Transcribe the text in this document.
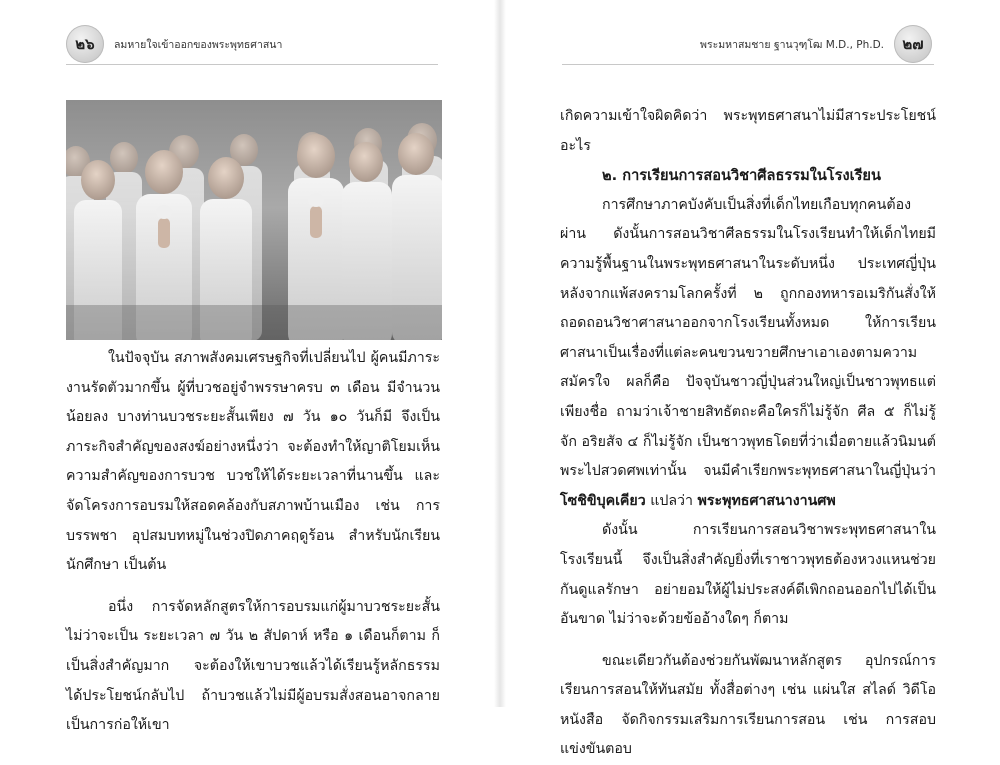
๒๖	ลมหายใจเข้าออกของพระพุทธศาสนา

ในปัจจุบัน สภาพสังคมเศรษฐกิจที่เปลี่ยนไป ผู้คนมีภาระงานรัดตัวมากขึ้น ผู้ที่บวชอยู่จำพรรษาครบ ๓ เดือน มีจำนวนน้อยลง บางท่านบวชระยะสั้นเพียง ๗ วัน ๑๐ วันก็มี จึงเป็นภาระกิจสำคัญของสงฆ์อย่างหนึ่งว่า จะต้องทำให้ญาติโยมเห็นความสำคัญของการบวช บวชให้ได้ระยะเวลาที่นานขึ้น และจัดโครงการอบรมให้สอดคล้องกับสภาพบ้านเมือง เช่น การบรรพชา อุปสมบทหมู่ในช่วงปิดภาคฤดูร้อน สำหรับนักเรียน นักศึกษา เป็นต้น

อนึ่ง การจัดหลักสูตรให้การอบรมแก่ผู้มาบวชระยะสั้น ไม่ว่าจะเป็น ระยะเวลา ๗ วัน ๒ สัปดาห์ หรือ ๑ เดือนก็ตาม ก็เป็นสิ่งสำคัญมาก จะต้องให้เขาบวชแล้วได้เรียนรู้หลักธรรม ได้ประโยชน์กลับไป ถ้าบวชแล้วไม่มีผู้อบรมสั่งสอนอาจกลายเป็นการก่อให้เขา

พระมหาสมชาย ฐานวุฑฺโฒ M.D., Ph.D.	๒๗

เกิดความเข้าใจผิดคิดว่า พระพุทธศาสนาไม่มีสาระประโยชน์อะไร

๒. การเรียนการสอนวิชาศีลธรรมในโรงเรียน

การศึกษาภาคบังคับเป็นสิ่งที่เด็กไทยเกือบทุกคนต้องผ่าน ดังนั้นการสอนวิชาศีลธรรมในโรงเรียนทำให้เด็กไทยมีความรู้พื้นฐานในพระพุทธศาสนาในระดับหนึ่ง ประเทศญี่ปุ่นหลังจากแพ้สงครามโลกครั้งที่ ๒ ถูกกองทหารอเมริกันสั่งให้ถอดถอนวิชาศาสนาออกจากโรงเรียนทั้งหมด ให้การเรียนศาสนาเป็นเรื่องที่แต่ละคนขวนขวายศึกษาเอาเองตามความสมัครใจ ผลก็คือ ปัจจุบันชาวญี่ปุ่นส่วนใหญ่เป็นชาวพุทธแต่เพียงชื่อ ถามว่าเจ้าชายสิทธัตถะคือใครก็ไม่รู้จัก ศีล ๕ ก็ไม่รู้จัก อริยสัจ ๔ ก็ไม่รู้จัก เป็นชาวพุทธโดยที่ว่าเมื่อตายแล้วนิมนต์พระไปสวดศพเท่านั้น จนมีคำเรียกพระพุทธศาสนาในญี่ปุ่นว่า โซชิขิบุคเคียว แปลว่า พระพุทธศาสนางานศพ

ดังนั้น การเรียนการสอนวิชาพระพุทธศาสนาในโรงเรียนนี้ จึงเป็นสิ่งสำคัญยิ่งที่เราชาวพุทธต้องหวงแหนช่วยกันดูแลรักษา อย่ายอมให้ผู้ไม่ประสงค์ดีเพิกถอนออกไปได้เป็นอันขาด ไม่ว่าจะด้วยข้ออ้างใดๆ ก็ตาม

ขณะเดียวกันต้องช่วยกันพัฒนาหลักสูตร อุปกรณ์การเรียนการสอนให้ทันสมัย ทั้งสื่อต่างๆ เช่น แผ่นใส สไลด์ วิดีโอ หนังสือ จัดกิจกรรมเสริมการเรียนการสอน เช่น การสอบแข่งขันตอบ
